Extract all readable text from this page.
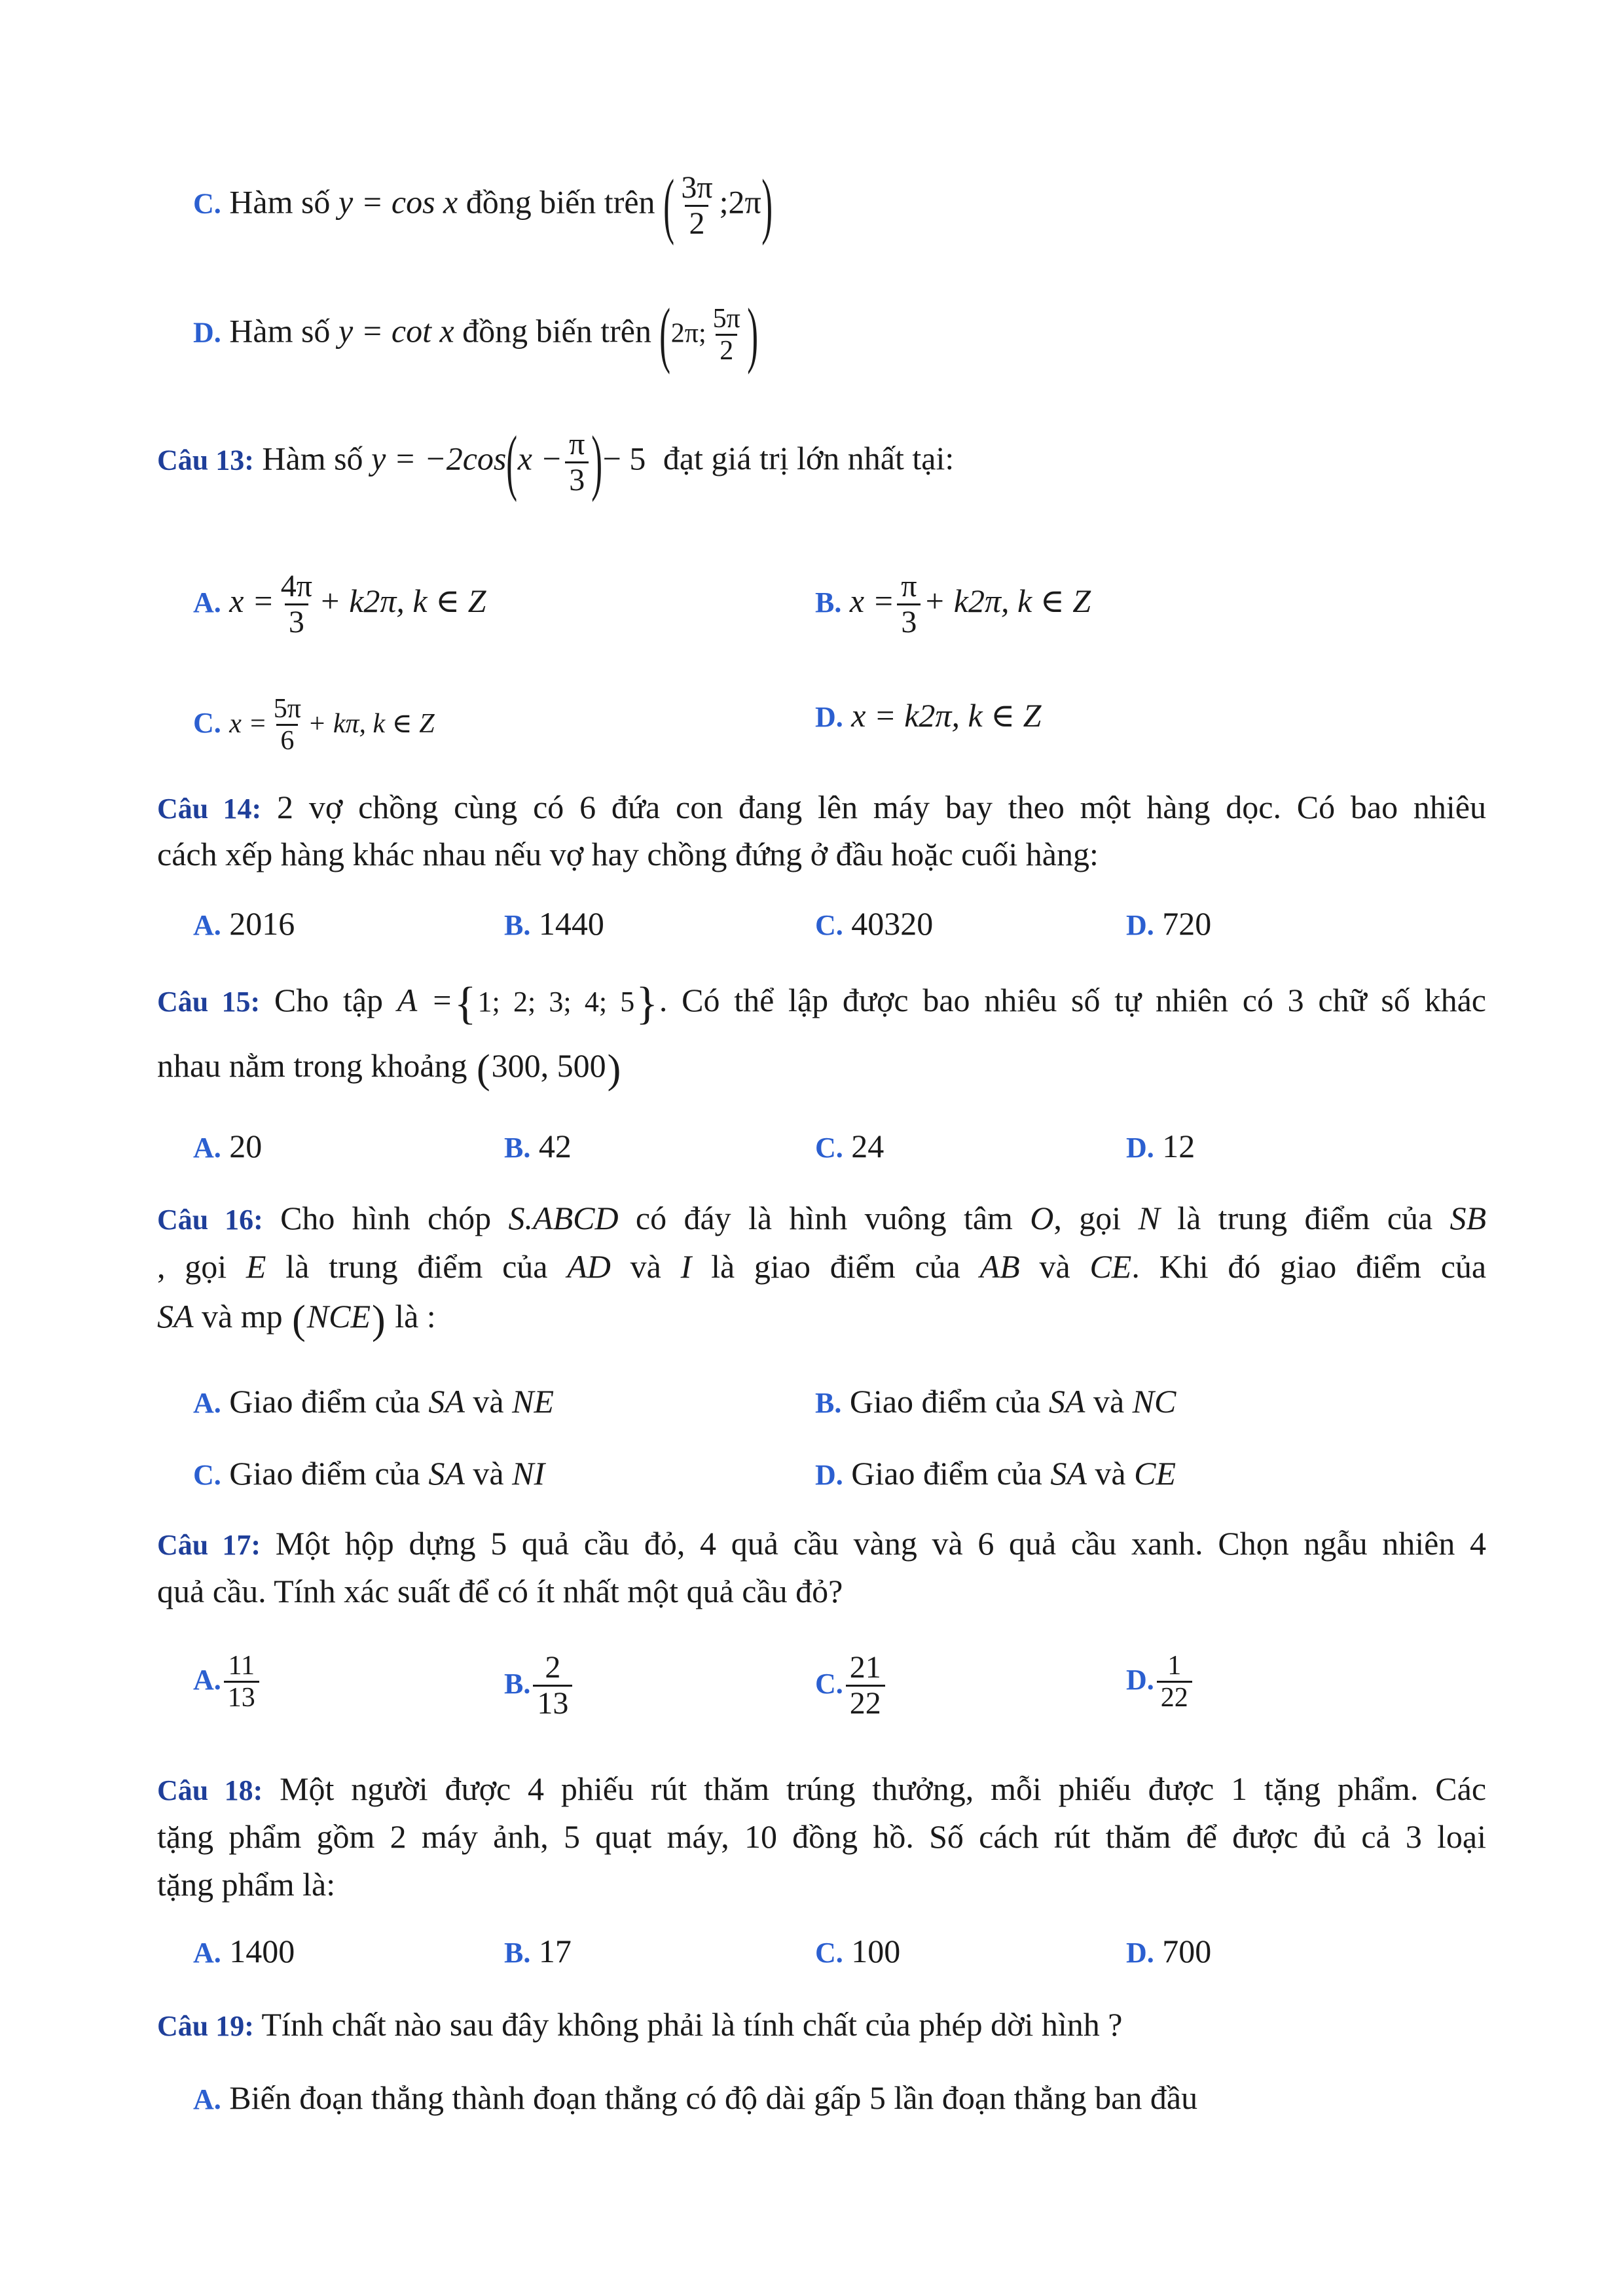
C. Hàm số y = cos x đồng biến trên ( $\frac{3\pi}{2}$ ;2π)
D. Hàm số y = cot x đồng biến trên (2π; $\frac{5\pi}{2}$ )
Câu 13: Hàm số $y = -2\cos(x - \frac{\pi}{3}$ )− 5 đạt giá trị lớn nhất tại:
A. $x = \frac{4\pi}{3} + k2\pi$, k ∈ Z	B. $x = \frac{\pi}{3} + k2\pi$, k ∈ Z
C. $x = \frac{5\pi}{6} + k\pi$, k ∈ Z	D. x = k2π, k ∈ Z
Câu 14: 2 vợ chồng cùng có 6 đứa con đang lên máy bay theo một hàng dọc. Có bao nhiêu
cách xếp hàng khác nhau nếu vợ hay chồng đứng ở đầu hoặc cuối hàng:
A. 2016	B. 1440	C. 40320	D. 720
Câu 15: Cho tập A ={1; 2; 3; 4; 5}. Có thể lập được bao nhiêu số tự nhiên có 3 chữ số khác
nhau nằm trong khoảng (300, 500)
A. 20	B. 42	C. 24	D. 12
Câu 16: Cho hình chóp S.ABCD có đáy là hình vuông tâm O, gọi N là trung điểm của SB
, gọi E là trung điểm của AD và I là giao điểm của AB và CE. Khi đó giao điểm của
SA và mp (NCE) là :
A. Giao điểm của SA và NE	B. Giao điểm của SA và NC
C. Giao điểm của SA và NI	D. Giao điểm của SA và CE
Câu 17: Một hộp dựng 5 quả cầu đỏ, 4 quả cầu vàng và 6 quả cầu xanh. Chọn ngẫu nhiên 4
quả cầu. Tính xác suất để có ít nhất một quả cầu đỏ?
A. $\frac{11}{13}$	B. $\frac{2}{13}$	C. $\frac{21}{22}$	D. $\frac{1}{22}$
Câu 18: Một người được 4 phiếu rút thăm trúng thưởng, mỗi phiếu được 1 tặng phẩm. Các
tặng phẩm gồm 2 máy ảnh, 5 quạt máy, 10 đồng hồ. Số cách rút thăm để được đủ cả 3 loại
tặng phẩm là:
A. 1400	B. 17	C. 100	D. 700
Câu 19: Tính chất nào sau đây không phải là tính chất của phép dời hình ?
A. Biến đoạn thẳng thành đoạn thẳng có độ dài gấp 5 lần đoạn thẳng ban đầu
